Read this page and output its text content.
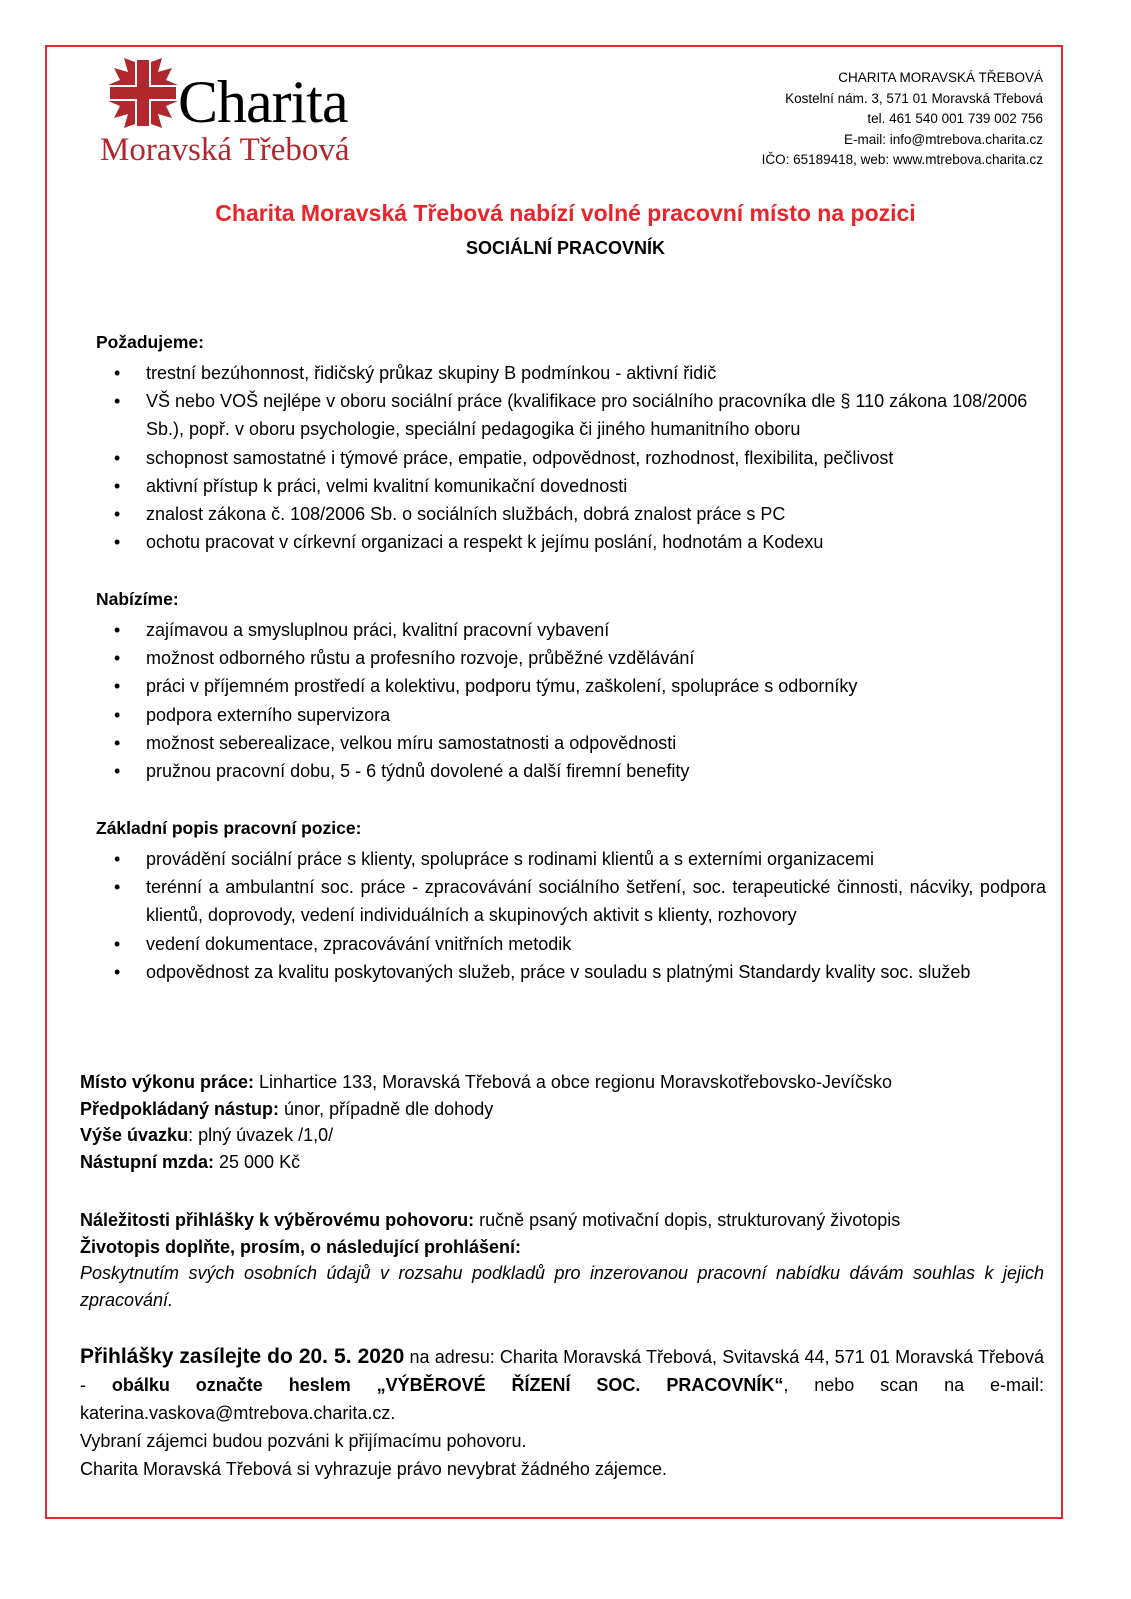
Charita
Moravská Třebová
CHARITA MORAVSKÁ TŘEBOVÁ
Kostelní nám. 3, 571 01 Moravská Třebová
tel. 461 540 001 739 002 756
E-mail: info@mtrebova.charita.cz
IČO: 65189418, web: www.mtrebova.charita.cz
Charita Moravská Třebová nabízí volné pracovní místo na pozici
SOCIÁLNÍ PRACOVNÍK
Požadujeme:
• trestní bezúhonnost, řidičský průkaz skupiny B podmínkou - aktivní řidič
• VŠ nebo VOŠ nejlépe v oboru sociální práce (kvalifikace pro sociálního pracovníka dle § 110 zákona 108/2006 Sb.), popř. v oboru psychologie, speciální pedagogika či jiného humanitního oboru
• schopnost samostatné i týmové práce, empatie, odpovědnost, rozhodnost, flexibilita, pečlivost
• aktivní přístup k práci, velmi kvalitní komunikační dovednosti
• znalost zákona č. 108/2006 Sb. o sociálních službách, dobrá znalost práce s PC
• ochotu pracovat v církevní organizaci a respekt k jejímu poslání, hodnotám a Kodexu
Nabízíme:
• zajímavou a smysluplnou práci, kvalitní pracovní vybavení
• možnost odborného růstu a profesního rozvoje, průběžné vzdělávání
• práci v příjemném prostředí a kolektivu, podporu týmu, zaškolení, spolupráce s odborníky
• podpora externího supervizora
• možnost seberealizace, velkou míru samostatnosti a odpovědnosti
• pružnou pracovní dobu, 5 - 6 týdnů dovolené a další firemní benefity
Základní popis pracovní pozice:
• provádění sociální práce s klienty, spolupráce s rodinami klientů a s externími organizacemi
• terénní a ambulantní soc. práce - zpracovávání sociálního šetření, soc. terapeutické činnosti, nácviky, podpora klientů, doprovody, vedení individuálních a skupinových aktivit s klienty, rozhovory
• vedení dokumentace, zpracovávání vnitřních metodik
• odpovědnost za kvalitu poskytovaných služeb, práce v souladu s platnými Standardy kvality soc. služeb
Místo výkonu práce: Linhartice 133, Moravská Třebová a obce regionu Moravskotřebovsko-Jevíčsko
Předpokládaný nástup: únor, případně dle dohody
Výše úvazku: plný úvazek /1,0/
Nástupní mzda: 25 000 Kč
Náležitosti přihlášky k výběrovému pohovoru: ručně psaný motivační dopis, strukturovaný životopis
Životopis doplňte, prosím, o následující prohlášení:
Poskytnutím svých osobních údajů v rozsahu podkladů pro inzerovanou pracovní nabídku dávám souhlas k jejich zpracování.
Přihlášky zasílejte do 20. 5. 2020 na adresu: Charita Moravská Třebová, Svitavská 44, 571 01 Moravská Třebová - obálku označte heslem „VÝBĚROVÉ ŘÍZENÍ SOC. PRACOVNÍK“, nebo scan na e-mail: katerina.vaskova@mtrebova.charita.cz.
Vybraní zájemci budou pozváni k přijímacímu pohovoru.
Charita Moravská Třebová si vyhrazuje právo nevybrat žádného zájemce.
